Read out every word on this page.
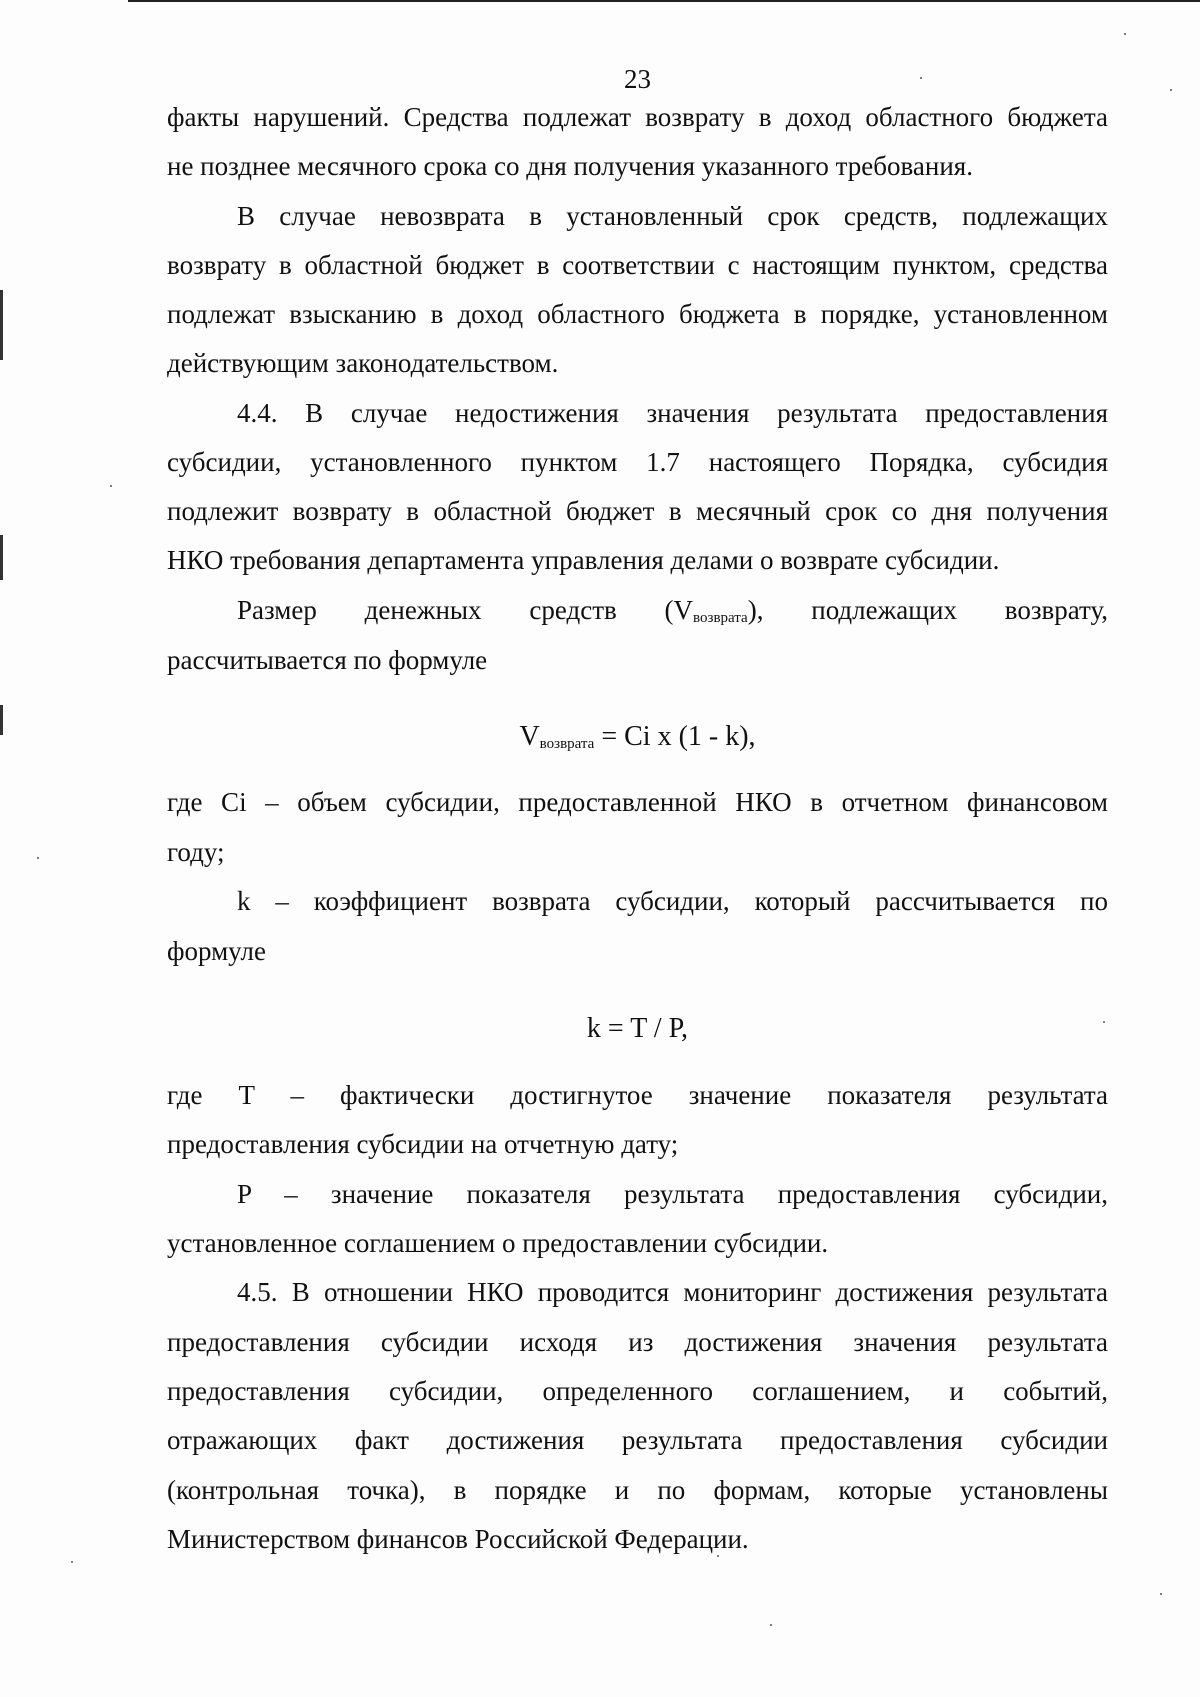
23

факты нарушений. Средства подлежат возврату в доход областного бюджета

не позднее месячного срока со дня получения указанного требования.

В случае невозврата в установленный срок средств, подлежащих

возврату в областной бюджет в соответствии с настоящим пунктом, средства

подлежат взысканию в доход областного бюджета в порядке, установленном

действующим законодательством.

4.4. В случае недостижения значения результата предоставления

субсидии, установленного пунктом 1.7 настоящего Порядка, субсидия

подлежит возврату в областной бюджет в месячный срок со дня получения

НКО требования департамента управления делами о возврате субсидии.

Размер денежных средств $(V_{возврата})$, подлежащих возврату,

рассчитывается по формуле

$V_{возврата} = Ci$ x (1 - k),

где Ci – объем субсидии, предоставленной НКО в отчетном финансовом

году;

k – коэффициент возврата субсидии, который рассчитывается по

формуле

k = T / P,

где T – фактически достигнутое значение показателя результата

предоставления субсидии на отчетную дату;

P – значение показателя результата предоставления субсидии,

установленное соглашением о предоставлении субсидии.

4.5. В отношении НКО проводится мониторинг достижения результата

предоставления субсидии исходя из достижения значения результата

предоставления субсидии, определенного соглашением, и событий,

отражающих факт достижения результата предоставления субсидии

(контрольная точка), в порядке и по формам, которые установлены

Министерством финансов Российской Федерации.
